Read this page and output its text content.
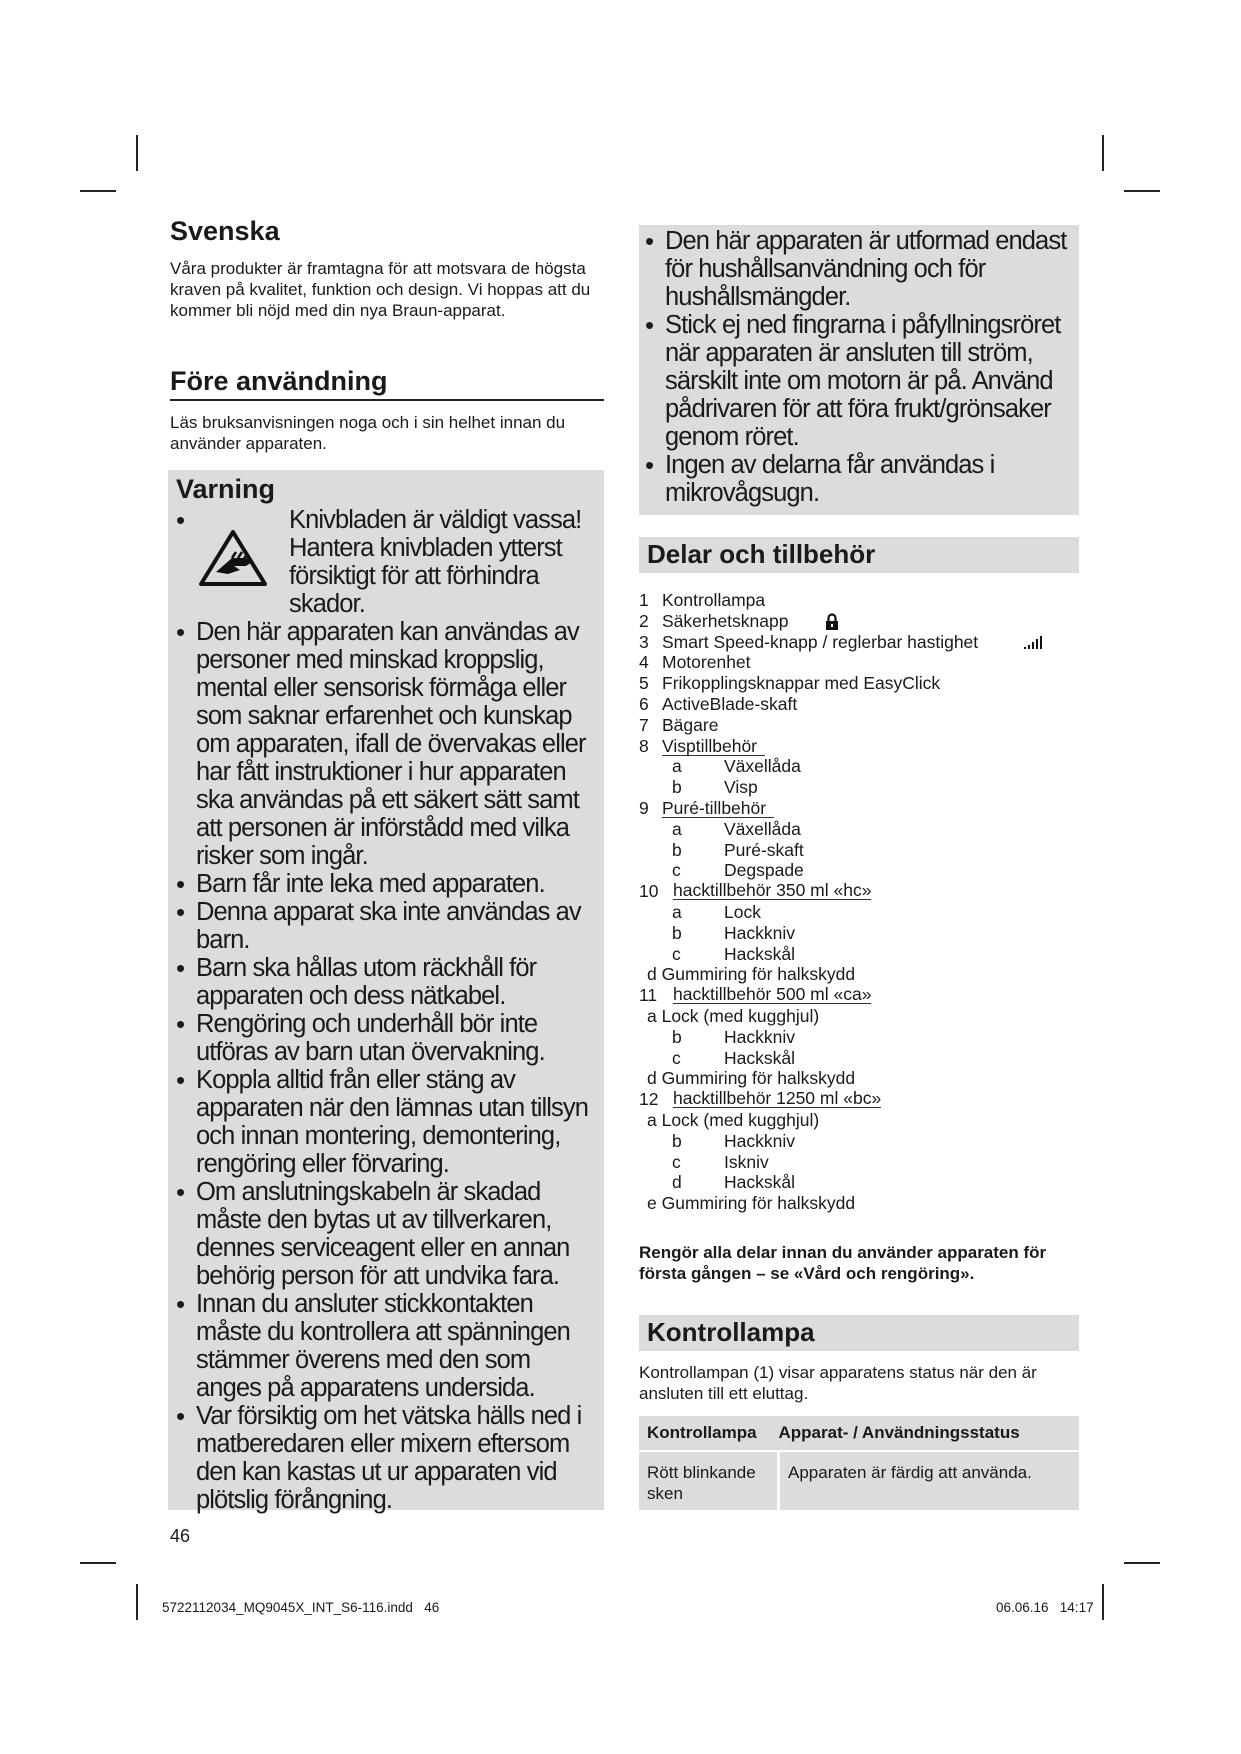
Svenska
Våra produkter är framtagna för att motsvara de högsta kraven på kvalitet, funktion och design. Vi hoppas att du kommer bli nöjd med din nya Braun-apparat.
Före användning
Läs bruksanvisningen noga och i sin helhet innan du använder apparaten.
Varning
•	Knivbladen är väldigt vassa! Hantera knivbladen ytterst försiktigt för att förhindra skador.
• Den här apparaten kan användas av personer med minskad kroppslig, mental eller sensorisk förmåga eller som saknar erfarenhet och kunskap om apparaten, ifall de övervakas eller har fått instruktioner i hur apparaten ska användas på ett säkert sätt samt att personen är införstådd med vilka risker som ingår.
• Barn får inte leka med apparaten.
• Denna apparat ska inte användas av barn.
• Barn ska hållas utom räckhåll för apparaten och dess nätkabel.
• Rengöring och underhåll bör inte utföras av barn utan övervakning.
• Koppla alltid från eller stäng av apparaten när den lämnas utan tillsyn och innan montering, demontering, rengöring eller förvaring.
• Om anslutningskabeln är skadad måste den bytas ut av tillverkaren, dennes serviceagent eller en annan behörig person för att undvika fara.
• Innan du ansluter stickkontakten måste du kontrollera att spänningen stämmer överens med den som anges på apparatens undersida.
• Var försiktig om het vätska hälls ned i matberedaren eller mixern eftersom den kan kastas ut ur apparaten vid plötslig förångning.
46
• Den här apparaten är utformad endast för hushållsanvändning och för hushållsmängder.
• Stick ej ned fingrarna i påfyllningsröret när apparaten är ansluten till ström, särskilt inte om motorn är på. Använd pådrivaren för att föra frukt/grönsaker genom röret.
• Ingen av delarna får användas i mikrovågsugn.
Delar och tillbehör
1 Kontrollampa
2 Säkerhetsknapp
3 Smart Speed-knapp / reglerbar hastighet
4 Motorenhet
5 Frikopplingsknappar med EasyClick
6 ActiveBlade-skaft
7 Bägare
8 Visptillbehör
a Växellåda
b Visp
9 Puré-tillbehör
a Växellåda
b Puré-skaft
c Degspade
10 hacktillbehör 350 ml «hc»
a Lock
b Hackkniv
c Hackskål
d Gummiring för halkskydd
11 hacktillbehör 500 ml «ca»
a Lock (med kugghjul)
b Hackkniv
c Hackskål
d Gummiring för halkskydd
12 hacktillbehör 1250 ml «bc»
a Lock (med kugghjul)
b Hackkniv
c Iskniv
d Hackskål
e Gummiring för halkskydd
Rengör alla delar innan du använder apparaten för första gången – se «Vård och rengöring».
Kontrollampa
Kontrollampan (1) visar apparatens status när den är ansluten till ett eluttag.
Kontrollampa	Apparat- / Användningsstatus
Rött blinkande sken	Apparaten är färdig att använda.
5722112034_MQ9045X_INT_S6-116.indd   46	06.06.16   14:17
